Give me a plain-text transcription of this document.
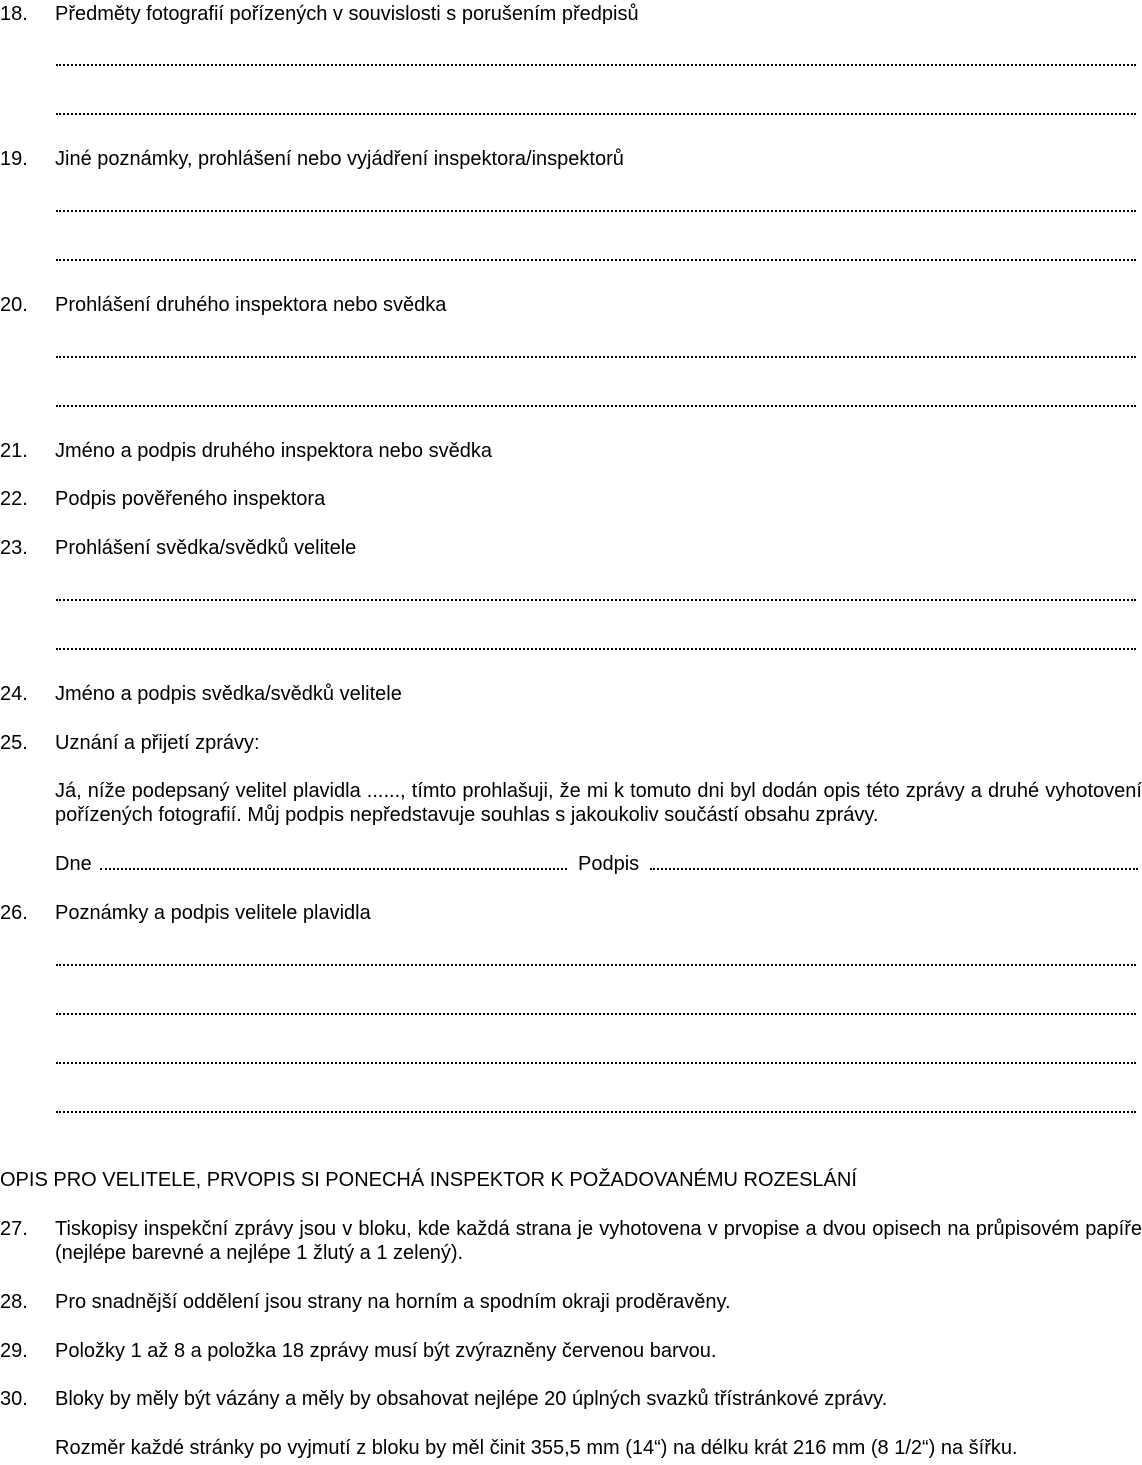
18. Předměty fotografií pořízených v souvislosti s porušením předpisů
19. Jiné poznámky, prohlášení nebo vyjádření inspektora/inspektorů
20. Prohlášení druhého inspektora nebo svědka
21. Jméno a podpis druhého inspektora nebo svědka
22. Podpis pověřeného inspektora
23. Prohlášení svědka/svědků velitele
24. Jméno a podpis svědka/svědků velitele
25. Uznání a přijetí zprávy:
Já, níže podepsaný velitel plavidla ......, tímto prohlašuji, že mi k tomuto dni byl dodán opis této zprávy a druhé vyhotovení pořízených fotografií. Můj podpis nepředstavuje souhlas s jakoukoliv součástí obsahu zprávy.
Dne	Podpis
26. Poznámky a podpis velitele plavidla
OPIS PRO VELITELE, PRVOPIS SI PONECHÁ INSPEKTOR K POŽADOVANÉMU ROZESLÁNÍ
27. Tiskopisy inspekční zprávy jsou v bloku, kde každá strana je vyhotovena v prvopise a dvou opisech na průpisovém papíře (nejlépe barevné a nejlépe 1 žlutý a 1 zelený).
28. Pro snadnější oddělení jsou strany na horním a spodním okraji proděravěny.
29. Položky 1 až 8 a položka 18 zprávy musí být zvýrazněny červenou barvou.
30. Bloky by měly být vázány a měly by obsahovat nejlépe 20 úplných svazků třístránkové zprávy.
Rozměr každé stránky po vyjmutí z bloku by měl činit 355,5 mm (14“) na délku krát 216 mm (8 1/2“) na šířku.
